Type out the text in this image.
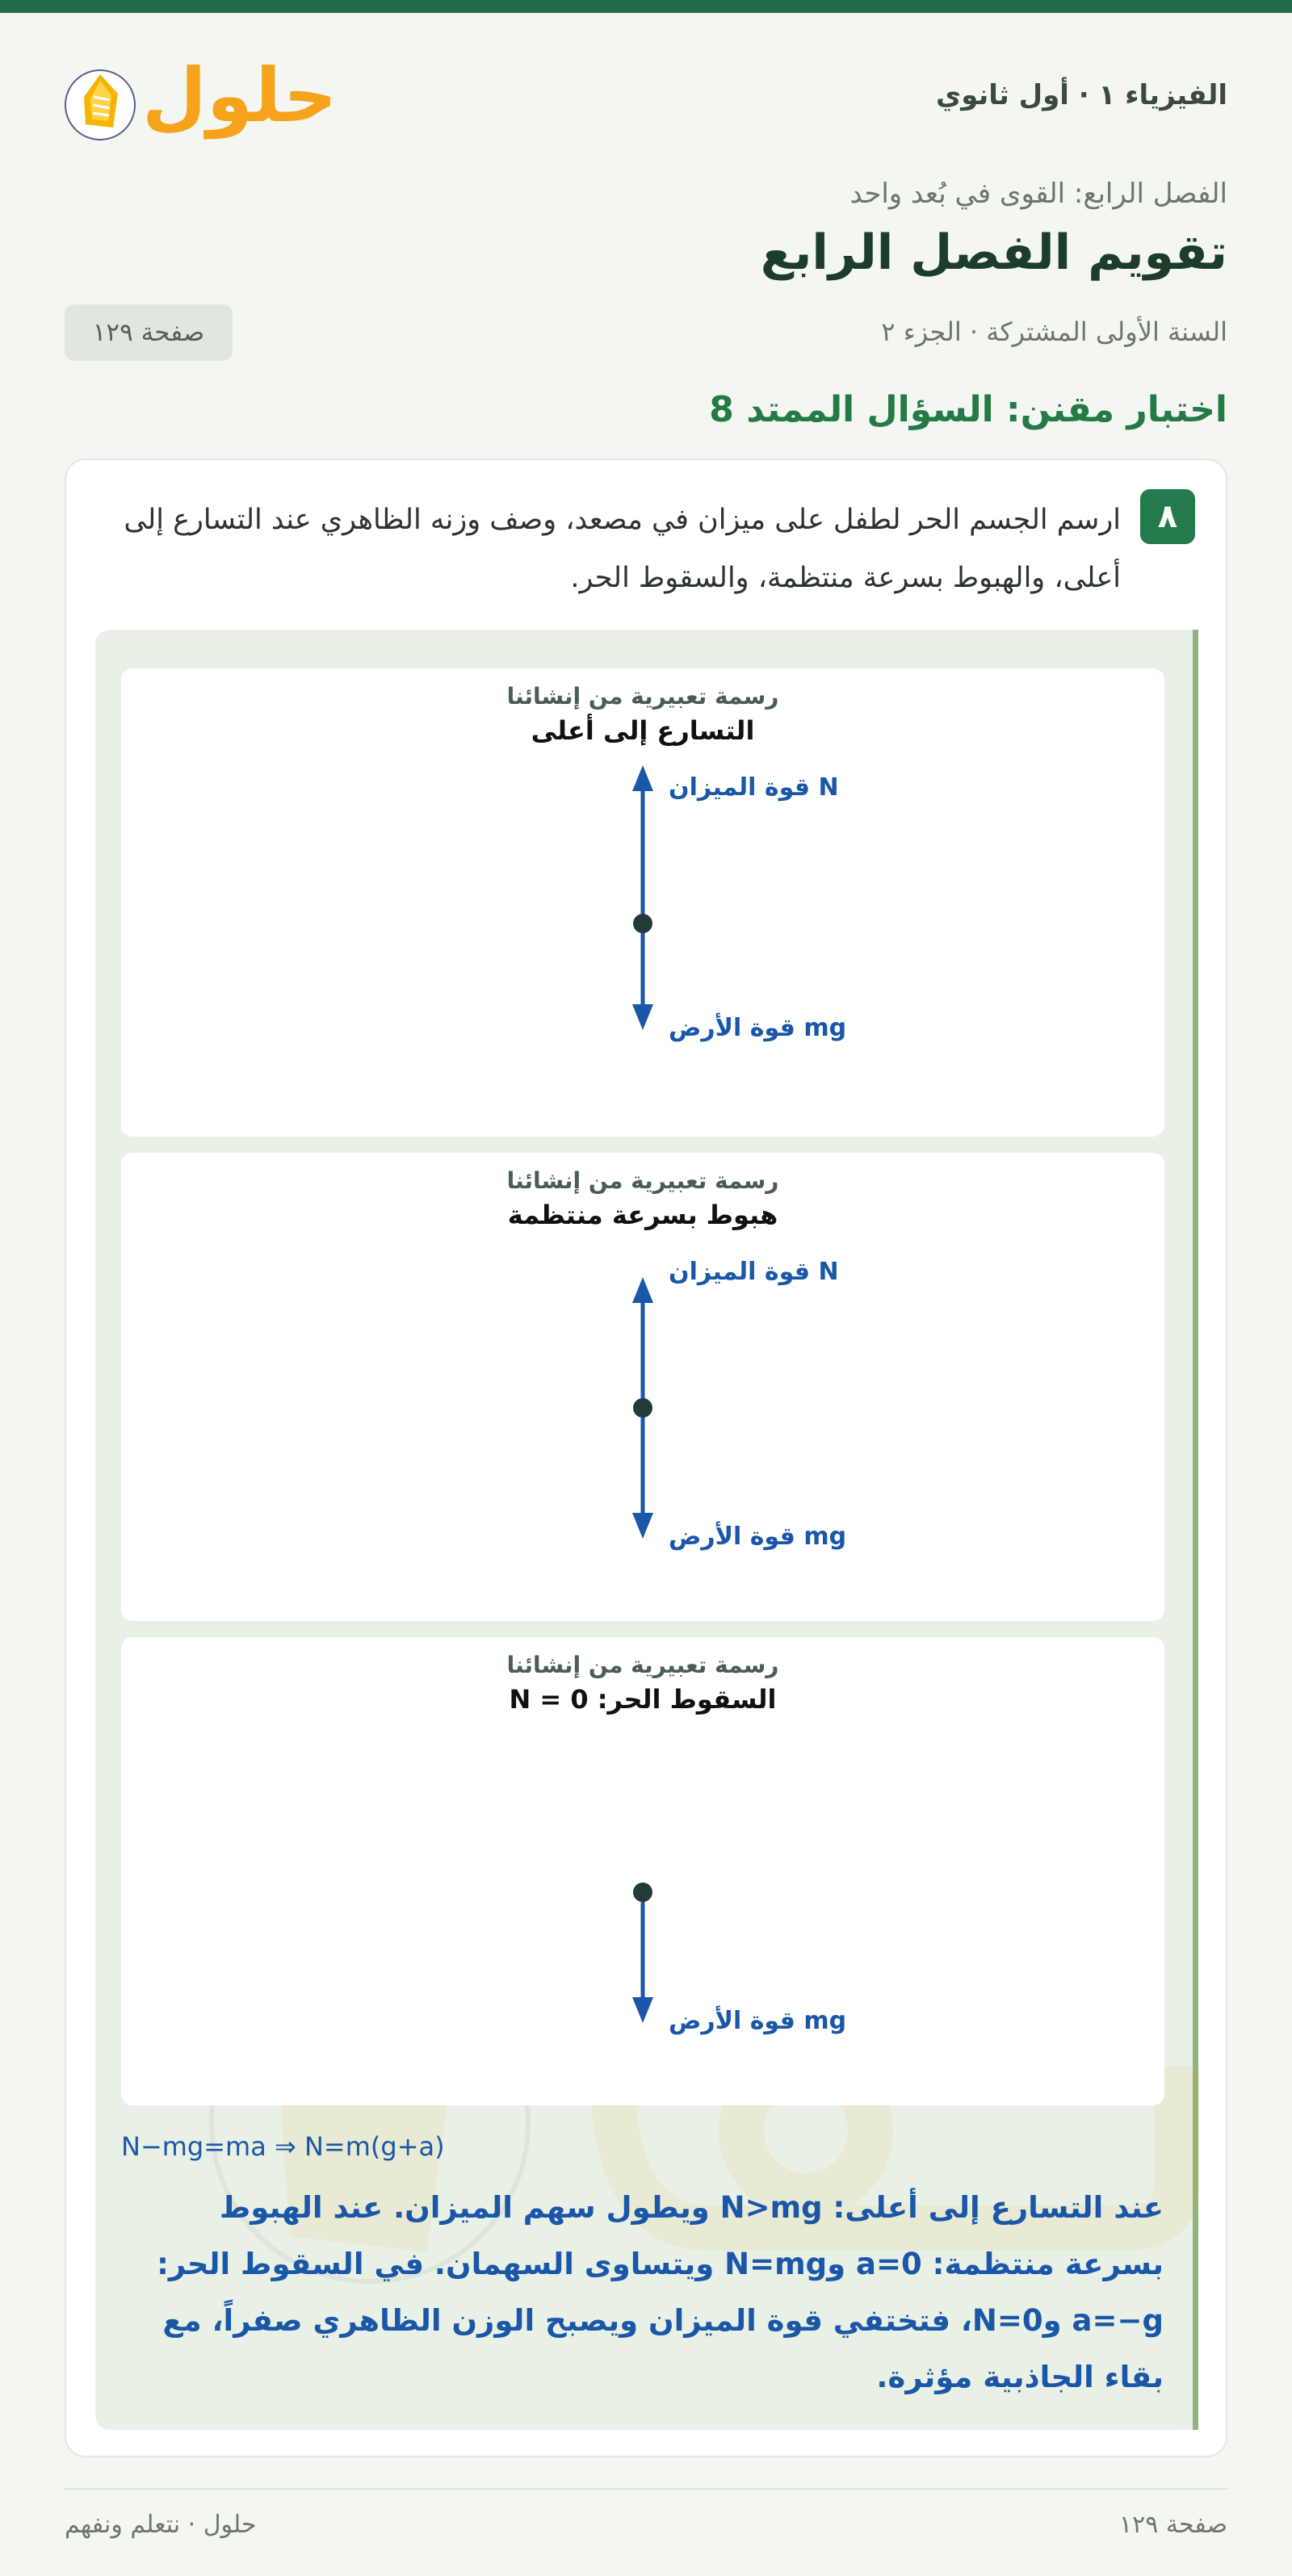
حلول	الفيزياء ١ · أول ثانوي
الفصل الرابع: القوى في بُعد واحد
تقويم الفصل الرابع
السنة الأولى المشتركة · الجزء ٢
صفحة ١٢٩
اختبار مقنن: السؤال الممتد 8
٨
ارسم الجسم الحر لطفل على ميزان في مصعد، وصف وزنه الظاهري عند التسارع إلى أعلى، والهبوط بسرعة منتظمة، والسقوط الحر.
رسمة تعبيرية من إنشائنا
التسارع إلى أعلى
N قوة الميزان
mg قوة الأرض
رسمة تعبيرية من إنشائنا
هبوط بسرعة منتظمة
N قوة الميزان
mg قوة الأرض
رسمة تعبيرية من إنشائنا
السقوط الحر: N = 0
mg قوة الأرض
N−mg=ma ⇒ N=m(g+a)
عند التسارع إلى أعلى: N>mg ويطول سهم الميزان. عند الهبوط بسرعة منتظمة: a=0 وN=mg ويتساوى السهمان. في السقوط الحر: a=−g وN=0، فتختفي قوة الميزان ويصبح الوزن الظاهري صفراً، مع بقاء الجاذبية مؤثرة.
صفحة ١٢٩
حلول · نتعلم ونفهم
